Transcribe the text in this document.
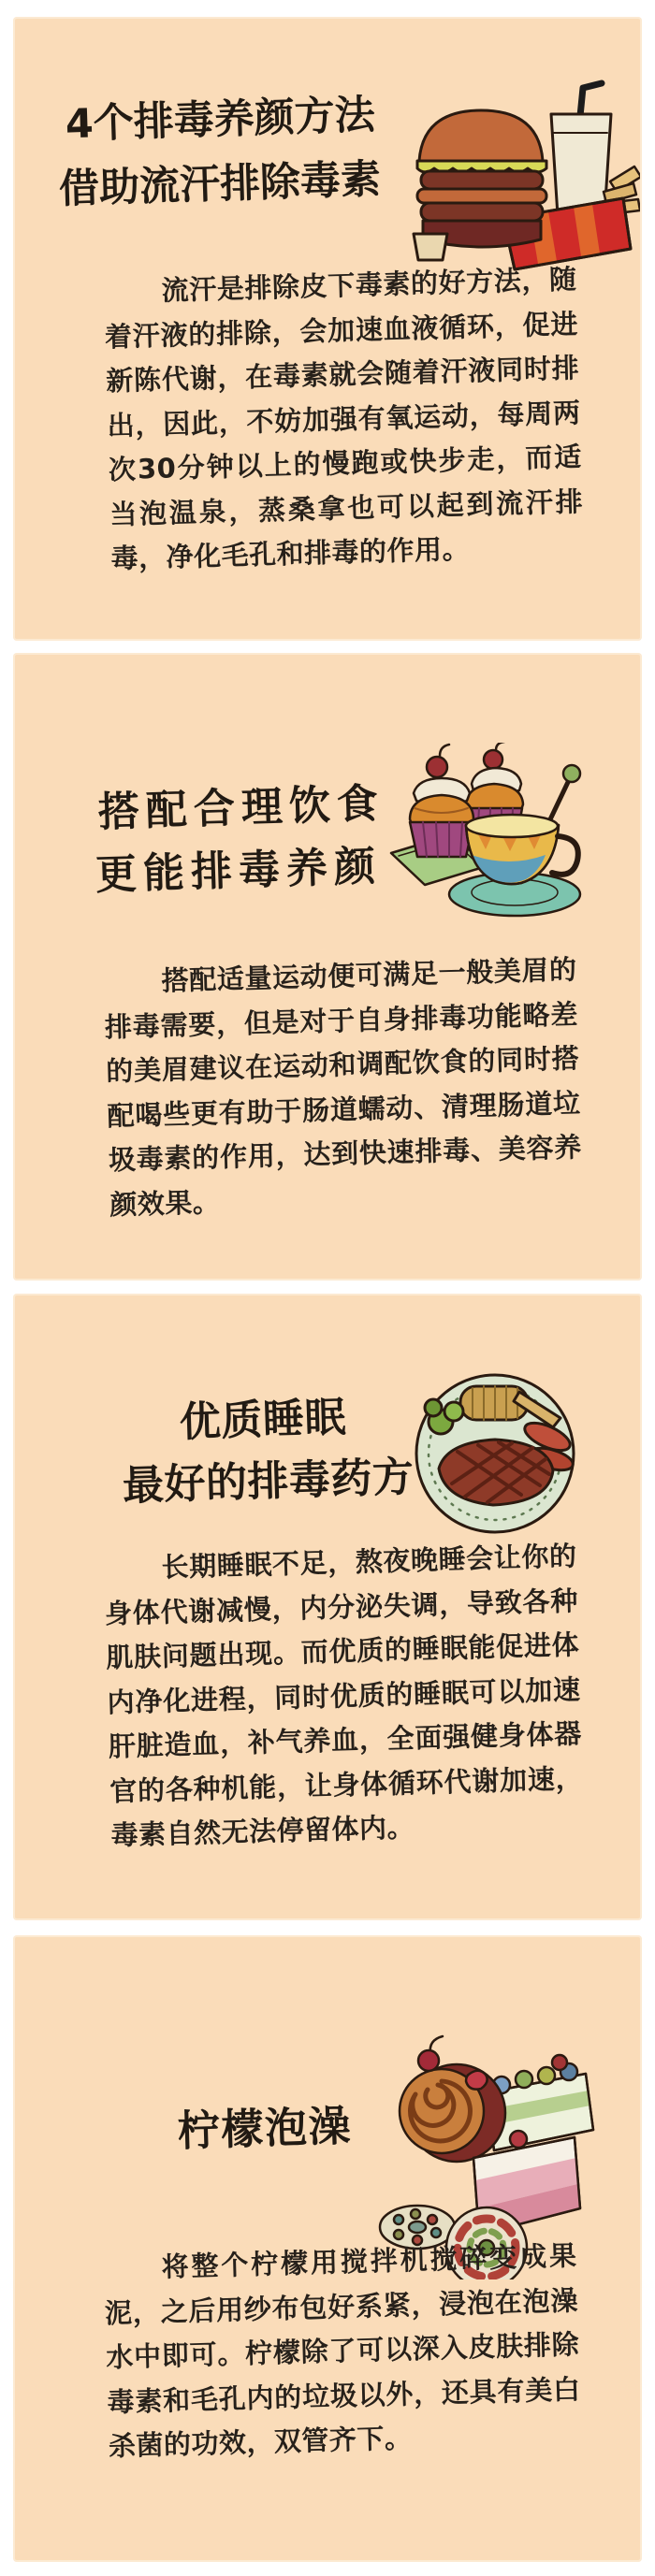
4个排毒养颜方法
借助流汗排除毒素

流汗是排除皮下毒素的好方法，随着汗液的排除，会加速血液循环，促进新陈代谢，在毒素就会随着汗液同时排出，因此，不妨加强有氧运动，每周两次30分钟以上的慢跑或快步走，而适当泡温泉，蒸桑拿也可以起到流汗排毒，净化毛孔和排毒的作用。

搭配合理饮食
更能排毒养颜

搭配适量运动便可满足一般美眉的排毒需要，但是对于自身排毒功能略差的美眉建议在运动和调配饮食的同时搭配喝些更有助于肠道蠕动、清理肠道垃圾毒素的作用，达到快速排毒、美容养颜效果。

优质睡眠
最好的排毒药方

长期睡眠不足，熬夜晚睡会让你的身体代谢减慢，内分泌失调，导致各种肌肤问题出现。而优质的睡眠能促进体内净化进程，同时优质的睡眠可以加速肝脏造血，补气养血，全面强健身体器官的各种机能，让身体循环代谢加速，毒素自然无法停留体内。

柠檬泡澡

将整个柠檬用搅拌机搅碎变成果泥，之后用纱布包好系紧，浸泡在泡澡水中即可。柠檬除了可以深入皮肤排除毒素和毛孔内的垃圾以外，还具有美白杀菌的功效，双管齐下。
